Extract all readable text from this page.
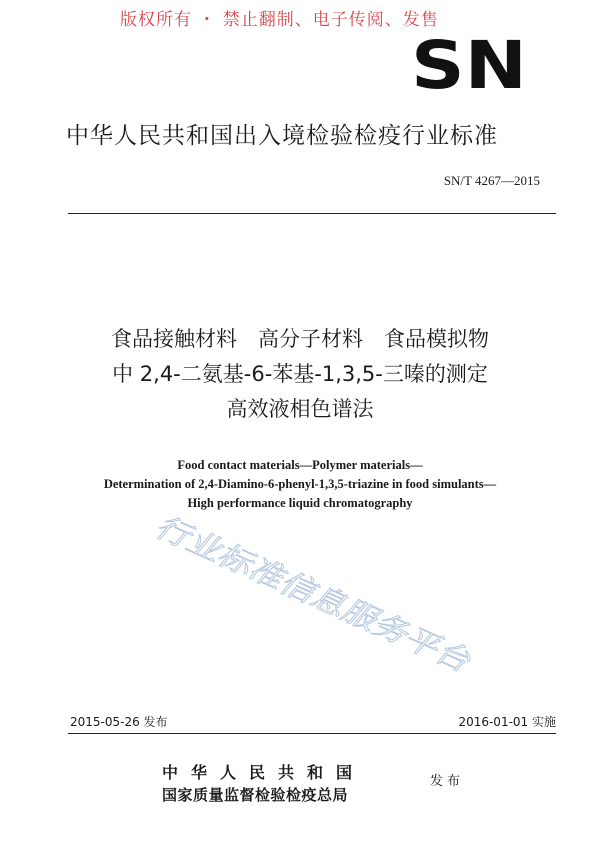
版权所有 ・ 禁止翻制、电子传阅、发售
SN
中华人民共和国出入境检验检疫行业标准
SN/T 4267—2015
食品接触材料　高分子材料　食品模拟物
中 2,4-二氨基-6-苯基-1,3,5-三嗪的测定
高效液相色谱法
Food contact materials—Polymer materials—
Determination of 2,4-Diamino-6-phenyl-1,3,5-triazine in food simulants—
High performance liquid chromatography
行业标准信息服务平台
2015-05-26 发布	2016-01-01 实施
中华人民共和国
国家质量监督检验检疫总局
发布
